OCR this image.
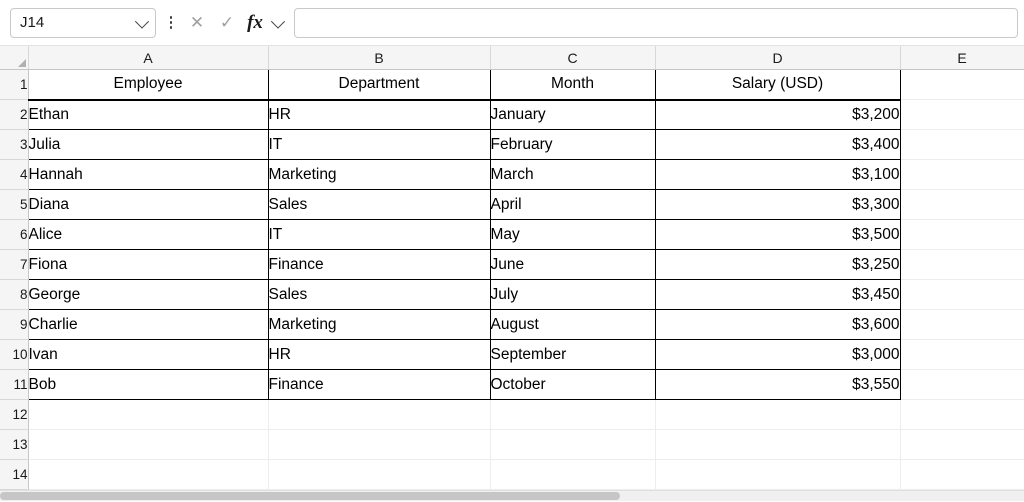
J14	✕ ✓ fx
	A	B	C	D	E
1	Employee	Department	Month	Salary (USD)	
2	Ethan	HR	January	$3,200	
3	Julia	IT	February	$3,400	
4	Hannah	Marketing	March	$3,100	
5	Diana	Sales	April	$3,300	
6	Alice	IT	May	$3,500	
7	Fiona	Finance	June	$3,250	
8	George	Sales	July	$3,450	
9	Charlie	Marketing	August	$3,600	
10	Ivan	HR	September	$3,000	
11	Bob	Finance	October	$3,550	
12					
13					
14					
